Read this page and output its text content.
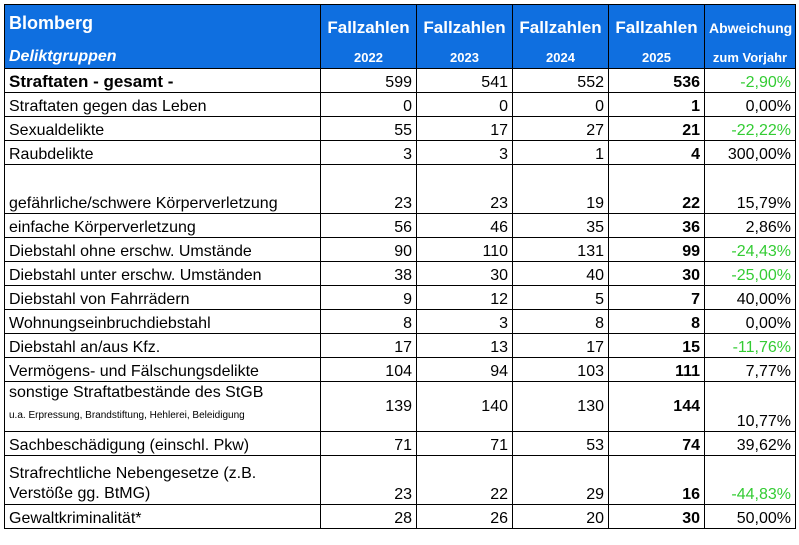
Blomberg	Fallzahlen	Fallzahlen	Fallzahlen	Fallzahlen	Abweichung
Deliktgruppen	2022	2023	2024	2025	zum Vorjahr
Straftaten - gesamt -	599	541	552	536	-2,90%
Straftaten gegen das Leben	0	0	0	1	0,00%
Sexualdelikte	55	17	27	21	-22,22%
Raubdelikte	3	3	1	4	300,00%
gefährliche/schwere Körperverletzung	23	23	19	22	15,79%
einfache Körperverletzung	56	46	35	36	2,86%
Diebstahl ohne erschw. Umstände	90	110	131	99	-24,43%
Diebstahl unter erschw. Umständen	38	30	40	30	-25,00%
Diebstahl von Fahrrädern	9	12	5	7	40,00%
Wohnungseinbruchdiebstahl	8	3	8	8	0,00%
Diebstahl an/aus Kfz.	17	13	17	15	-11,76%
Vermögens- und Fälschungsdelikte	104	94	103	111	7,77%
sonstige Straftatbestände des StGB
u.a. Erpressung, Brandstiftung, Hehlerei, Beleidigung	139	140	130	144	10,77%
Sachbeschädigung (einschl. Pkw)	71	71	53	74	39,62%
Strafrechtliche Nebengesetze (z.B. Verstöße gg. BtMG)	23	22	29	16	-44,83%
Gewaltkriminalität*	28	26	20	30	50,00%
